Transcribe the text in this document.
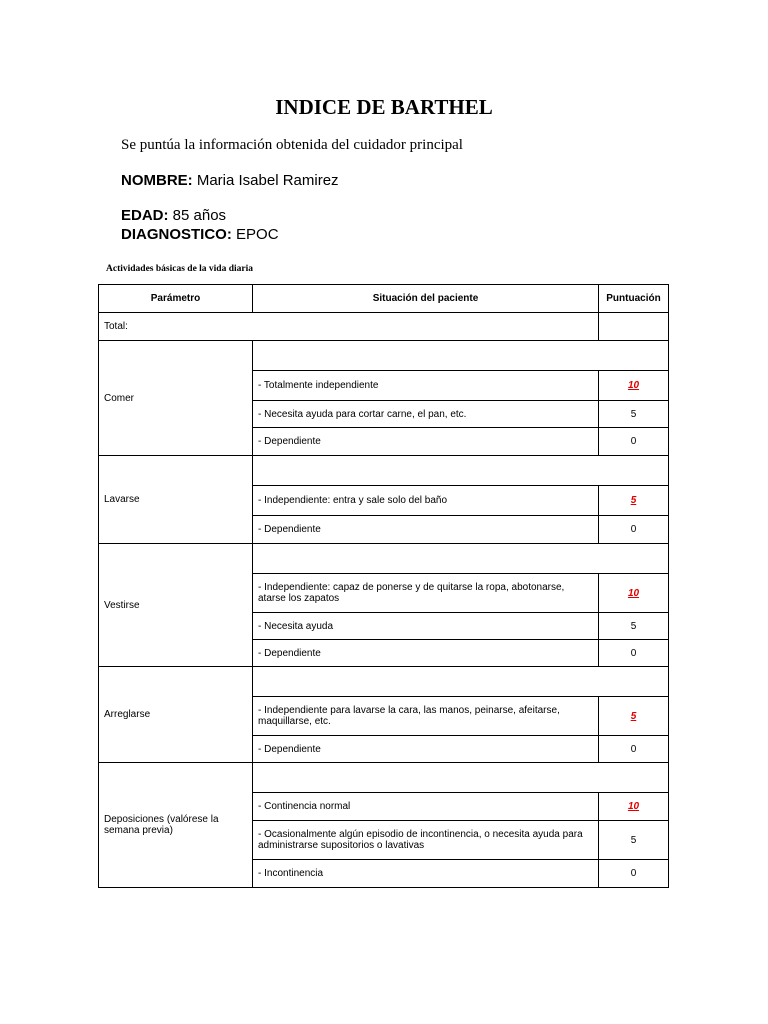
INDICE DE BARTHEL
Se puntúa la información obtenida del cuidador principal
NOMBRE: Maria Isabel Ramirez
EDAD: 85 años
DIAGNOSTICO: EPOC
Actividades básicas de la vida diaria
Parámetro	Situación del paciente	Puntuación
Total:		
Comer		
	- Totalmente independiente	10
	- Necesita ayuda para cortar carne, el pan, etc.	5
	- Dependiente	0
Lavarse		
	- Independiente: entra y sale solo del baño	5
	- Dependiente	0
Vestirse		
	- Independiente: capaz de ponerse y de quitarse la ropa, abotonarse, atarse los zapatos	10
	- Necesita ayuda	5
	- Dependiente	0
Arreglarse		
	- Independiente para lavarse la cara, las manos, peinarse, afeitarse, maquillarse, etc.	5
	- Dependiente	0
Deposiciones (valórese la semana previa)		
	- Continencia normal	10
	- Ocasionalmente algún episodio de incontinencia, o necesita ayuda para administrarse supositorios o lavativas	5
	- Incontinencia	0
